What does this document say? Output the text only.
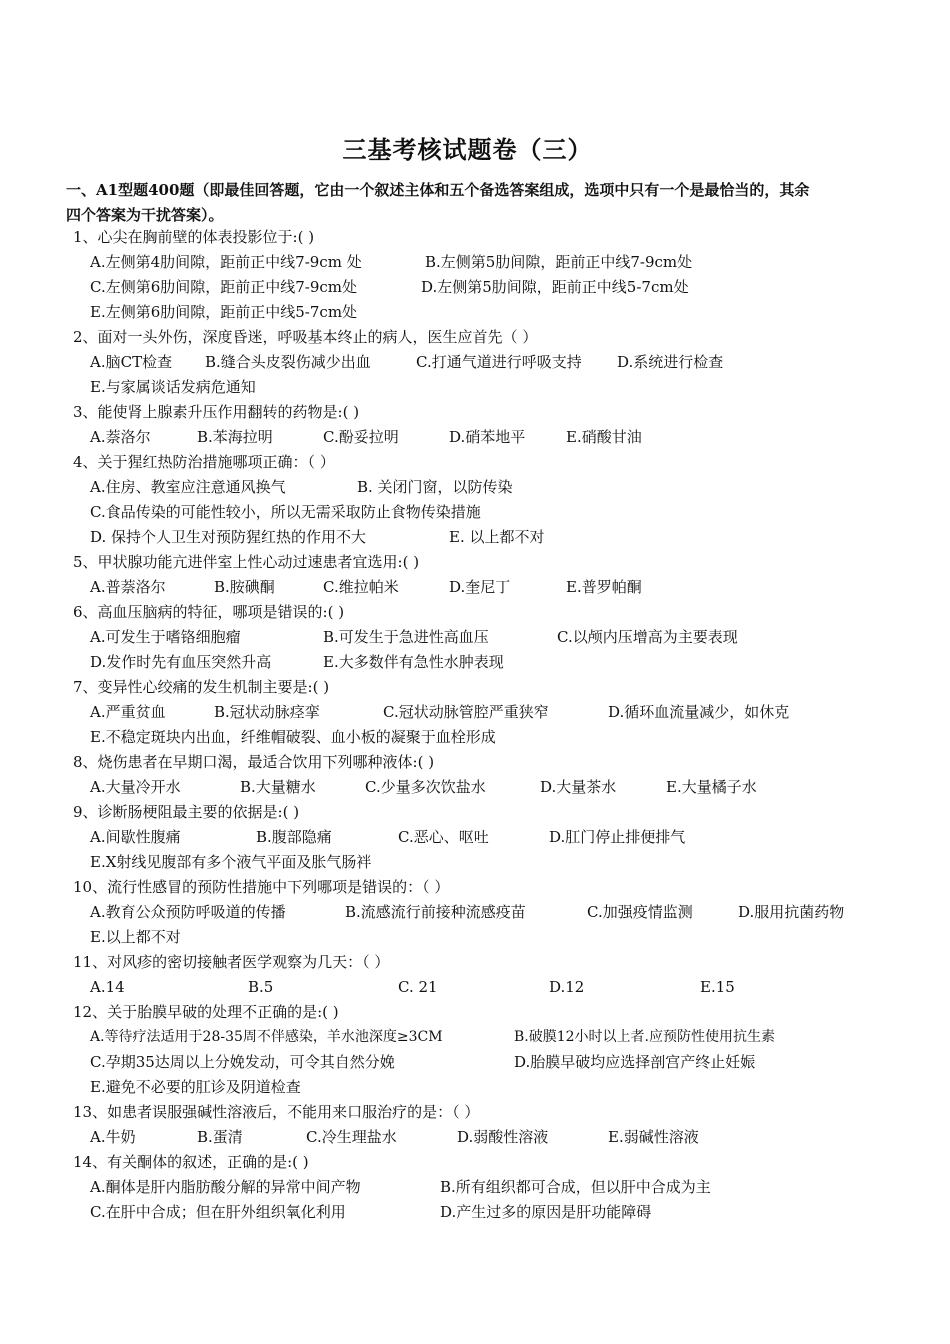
三基考核试题卷（三）
一、A1型题400题（即最佳回答题，它由一个叙述主体和五个备选答案组成，选项中只有一个是最恰当的，其余
四个答案为干扰答案）。
1、心尖在胸前壁的体表投影位于:( )
A.左侧第4肋间隙，距前正中线7-9cm 处	B.左侧第5肋间隙，距前正中线7-9cm处
C.左侧第6肋间隙，距前正中线7-9cm处	D.左侧第5肋间隙，距前正中线5-7cm处
E.左侧第6肋间隙，距前正中线5-7cm处
2、面对一头外伤，深度昏迷，呼吸基本终止的病人，医生应首先（ ）
A.脑CT检查 B.缝合头皮裂伤减少出血	C.打通气道进行呼吸支持 D.系统进行检查
E.与家属谈话发病危通知
3、能使肾上腺素升压作用翻转的药物是:( )
A.萘洛尔	B.苯海拉明	C.酚妥拉明	D.硝苯地平	E.硝酸甘油
4、关于猩红热防治措施哪项正确：（ ）
A.住房、教室应注意通风换气	B. 关闭门窗，以防传染
C.食品传染的可能性较小，所以无需采取防止食物传染措施
D. 保持个人卫生对预防猩红热的作用不大	E. 以上都不对
5、甲状腺功能亢进伴室上性心动过速患者宜选用:( )
A.普萘洛尔	B.胺碘酮	C.维拉帕米	D.奎尼丁	E.普罗帕酮
6、高血压脑病的特征，哪项是错误的:( )
A.可发生于嗜铬细胞瘤	B.可发生于急进性高血压	C.以颅内压增高为主要表现
D.发作时先有血压突然升高	E.大多数伴有急性水肿表现
7、变异性心绞痛的发生机制主要是:( )
A.严重贫血	B.冠状动脉痉挛	C.冠状动脉管腔严重狭窄	D.循环血流量减少，如休克
E.不稳定斑块内出血，纤维帽破裂、血小板的凝聚于血栓形成
8、烧伤患者在早期口渴，最适合饮用下列哪种液体:( )
A.大量冷开水	B.大量糖水	C.少量多次饮盐水	D.大量茶水	E.大量橘子水
9、诊断肠梗阻最主要的依据是:( )
A.间歇性腹痛	B.腹部隐痛	C.恶心、呕吐	D.肛门停止排便排气
E.X射线见腹部有多个液气平面及胀气肠袢
10、流行性感冒的预防性措施中下列哪项是错误的：（ ）
A.教育公众预防呼吸道的传播	B.流感流行前接种流感疫苗	C.加强疫情监测	D.服用抗菌药物
E.以上都不对
11、对风疹的密切接触者医学观察为几天：（ ）
A.14	B.5	C. 21	D.12	E.15
12、关于胎膜早破的处理不正确的是:( )
A.等待疗法适用于28-35周不伴感染，羊水池深度≥3CM	B.破膜12小时以上者.应预防性使用抗生素
C.孕期35达周以上分娩发动，可令其自然分娩	D.胎膜早破均应选择剖宫产终止妊娠
E.避免不必要的肛诊及阴道检查
13、如患者误服强碱性溶液后，不能用来口服治疗的是：（ ）
A.牛奶	B.蛋清	C.冷生理盐水	D.弱酸性溶液	E.弱碱性溶液
14、有关酮体的叙述，正确的是:( )
A.酮体是肝内脂肪酸分解的异常中间产物	B.所有组织都可合成，但以肝中合成为主
C.在肝中合成；但在肝外组织氧化利用	D.产生过多的原因是肝功能障碍
